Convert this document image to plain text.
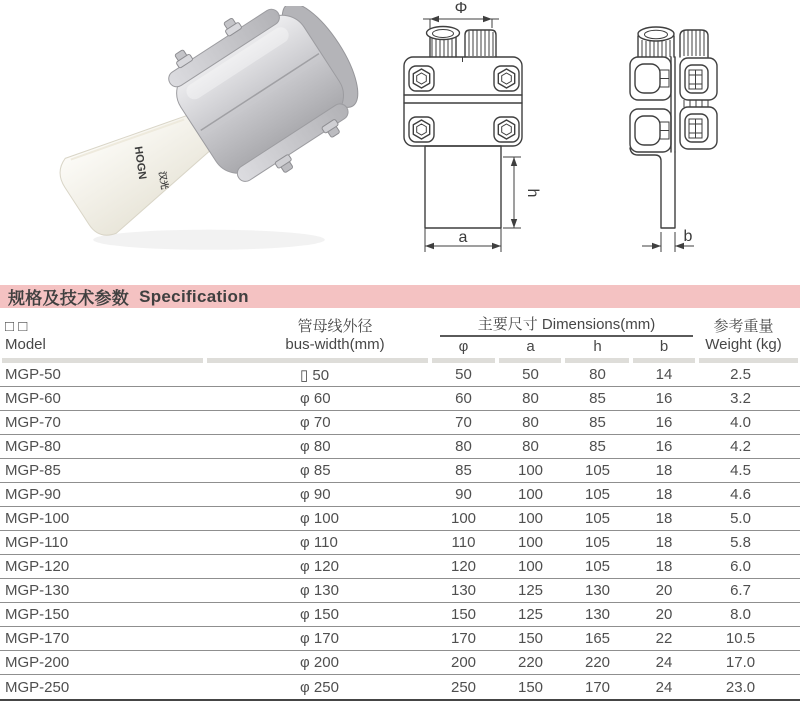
HOGN
汉光
Φ
h
a	b
规格及技术参数 Specification
□ □
Model
管母线外径
bus-width(mm)
主要尺寸 Dimensions(mm)
φ	a	h	b
参考重量
Weight (kg)
MGP-50	▯ 50	50	50	80	14	2.5
MGP-60	φ 60	60	80	85	16	3.2
MGP-70	φ 70	70	80	85	16	4.0
MGP-80	φ 80	80	80	85	16	4.2
MGP-85	φ 85	85	100	105	18	4.5
MGP-90	φ 90	90	100	105	18	4.6
MGP-100	φ 100	100	100	105	18	5.0
MGP-110	φ 110	110	100	105	18	5.8
MGP-120	φ 120	120	100	105	18	6.0
MGP-130	φ 130	130	125	130	20	6.7
MGP-150	φ 150	150	125	130	20	8.0
MGP-170	φ 170	170	150	165	22	10.5
MGP-200	φ 200	200	220	220	24	17.0
MGP-250	φ 250	250	150	170	24	23.0
